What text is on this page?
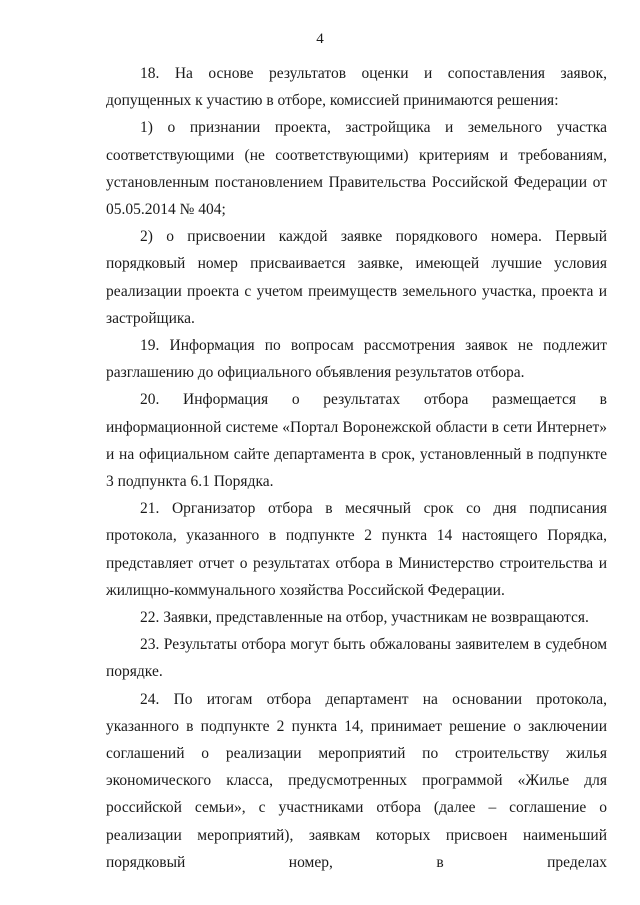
4

18. На основе результатов оценки и сопоставления заявок, допущенных к участию в отборе, комиссией принимаются решения:

1) о признании проекта, застройщика и земельного участка соответствующими (не соответствующими) критериям и требованиям, установленным постановлением Правительства Российской Федерации от 05.05.2014 № 404;

2) о присвоении каждой заявке порядкового номера. Первый порядковый номер присваивается заявке, имеющей лучшие условия реализации проекта с учетом преимуществ земельного участка, проекта и застройщика.

19. Информация по вопросам рассмотрения заявок не подлежит разглашению до официального объявления результатов отбора.

20. Информация о результатах отбора размещается в информационной системе «Портал Воронежской области в сети Интернет» и на официальном сайте департамента в срок, установленный в подпункте 3 подпункта 6.1 Порядка.

21. Организатор отбора в месячный срок со дня подписания протокола, указанного в подпункте 2 пункта 14 настоящего Порядка, представляет отчет о результатах отбора в Министерство строительства и жилищно-коммунального хозяйства Российской Федерации.

22. Заявки, представленные на отбор, участникам не возвращаются.

23. Результаты отбора могут быть обжалованы заявителем в судебном порядке.

24. По итогам отбора департамент на основании протокола, указанного в подпункте 2 пункта 14, принимает решение о заключении соглашений о реализации мероприятий по строительству жилья экономического класса, предусмотренных программой «Жилье для российской семьи», с участниками отбора (далее – соглашение о реализации мероприятий), заявкам которых присвоен наименьший порядковый номер, в пределах
